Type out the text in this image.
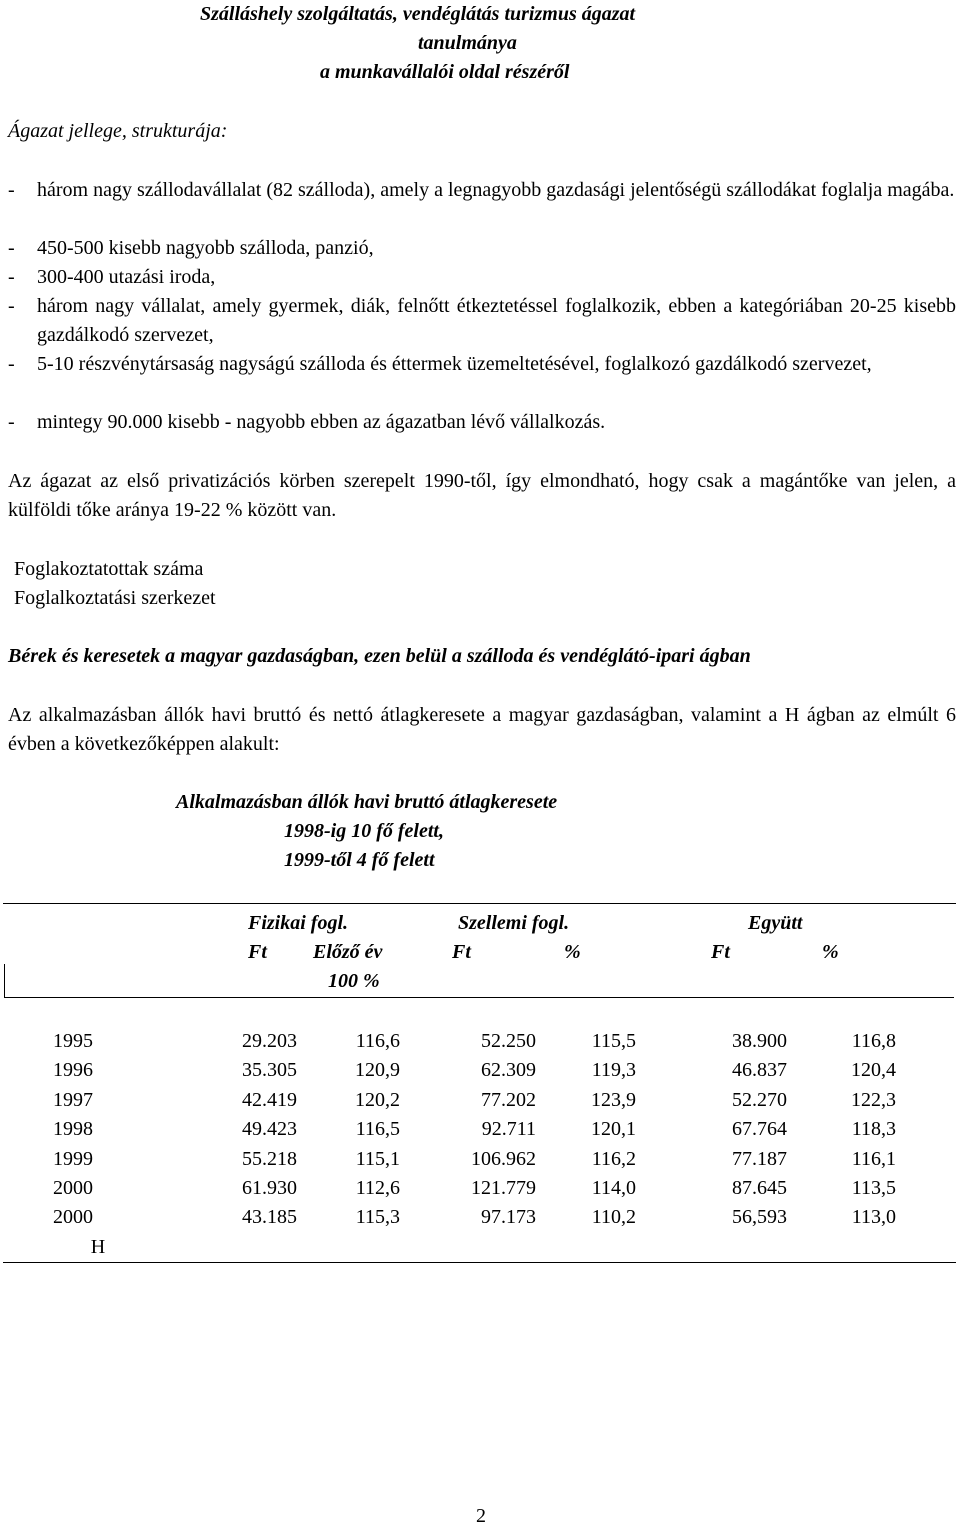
Szálláshely szolgáltatás, vendéglátás turizmus ágazat
tanulmánya
a munkavállalói oldal részéről
Ágazat jellege, strukturája:
- három nagy szállodavállalat (82 szálloda), amely a legnagyobb gazdasági jelentőségü szállodákat foglalja magába.
- 450-500 kisebb nagyobb szálloda, panzió,
- 300-400 utazási iroda,
- három nagy vállalat, amely gyermek, diák, felnőtt étkeztetéssel foglalkozik, ebben a kategóriában 20-25 kisebb gazdálkodó szervezet,
- 5-10 részvénytársaság nagyságú szálloda és éttermek üzemeltetésével, foglalkozó gazdálkodó szervezet,
- mintegy 90.000 kisebb - nagyobb ebben az ágazatban lévő vállalkozás.
Az ágazat az első privatizációs körben szerepelt 1990-től, így elmondható, hogy csak a magántőke van jelen, a külföldi tőke aránya 19-22 % között van.
Foglakoztatottak száma
Foglalkoztatási szerkezet
Bérek és keresetek a magyar gazdaságban, ezen belül a szálloda és vendéglátó-ipari ágban
Az alkalmazásban állók havi bruttó és nettó átlagkeresete a magyar gazdaságban, valamint a H ágban az elmúlt 6 évben a következőképpen alakult:
Alkalmazásban állók havi bruttó átlagkeresete
1998-ig 10 fő felett,
1999-től 4 fő felett
Fizikai fogl.	Szellemi fogl.	Együtt
Ft Előző év
100 %
Ft	%	Ft	%
1995	29.203	116,6	52.250	115,5	38.900	116,8
1996	35.305	120,9	62.309	119,3	46.837	120,4
1997	42.419	120,2	77.202	123,9	52.270	122,3
1998	49.423	116,5	92.711	120,1	67.764	118,3
1999	55.218	115,1	106.962	116,2	77.187	116,1
2000	61.930	112,6	121.779	114,0	87.645	113,5
2000	43.185	115,3	97.173	110,2	56,593	113,0
H
2
